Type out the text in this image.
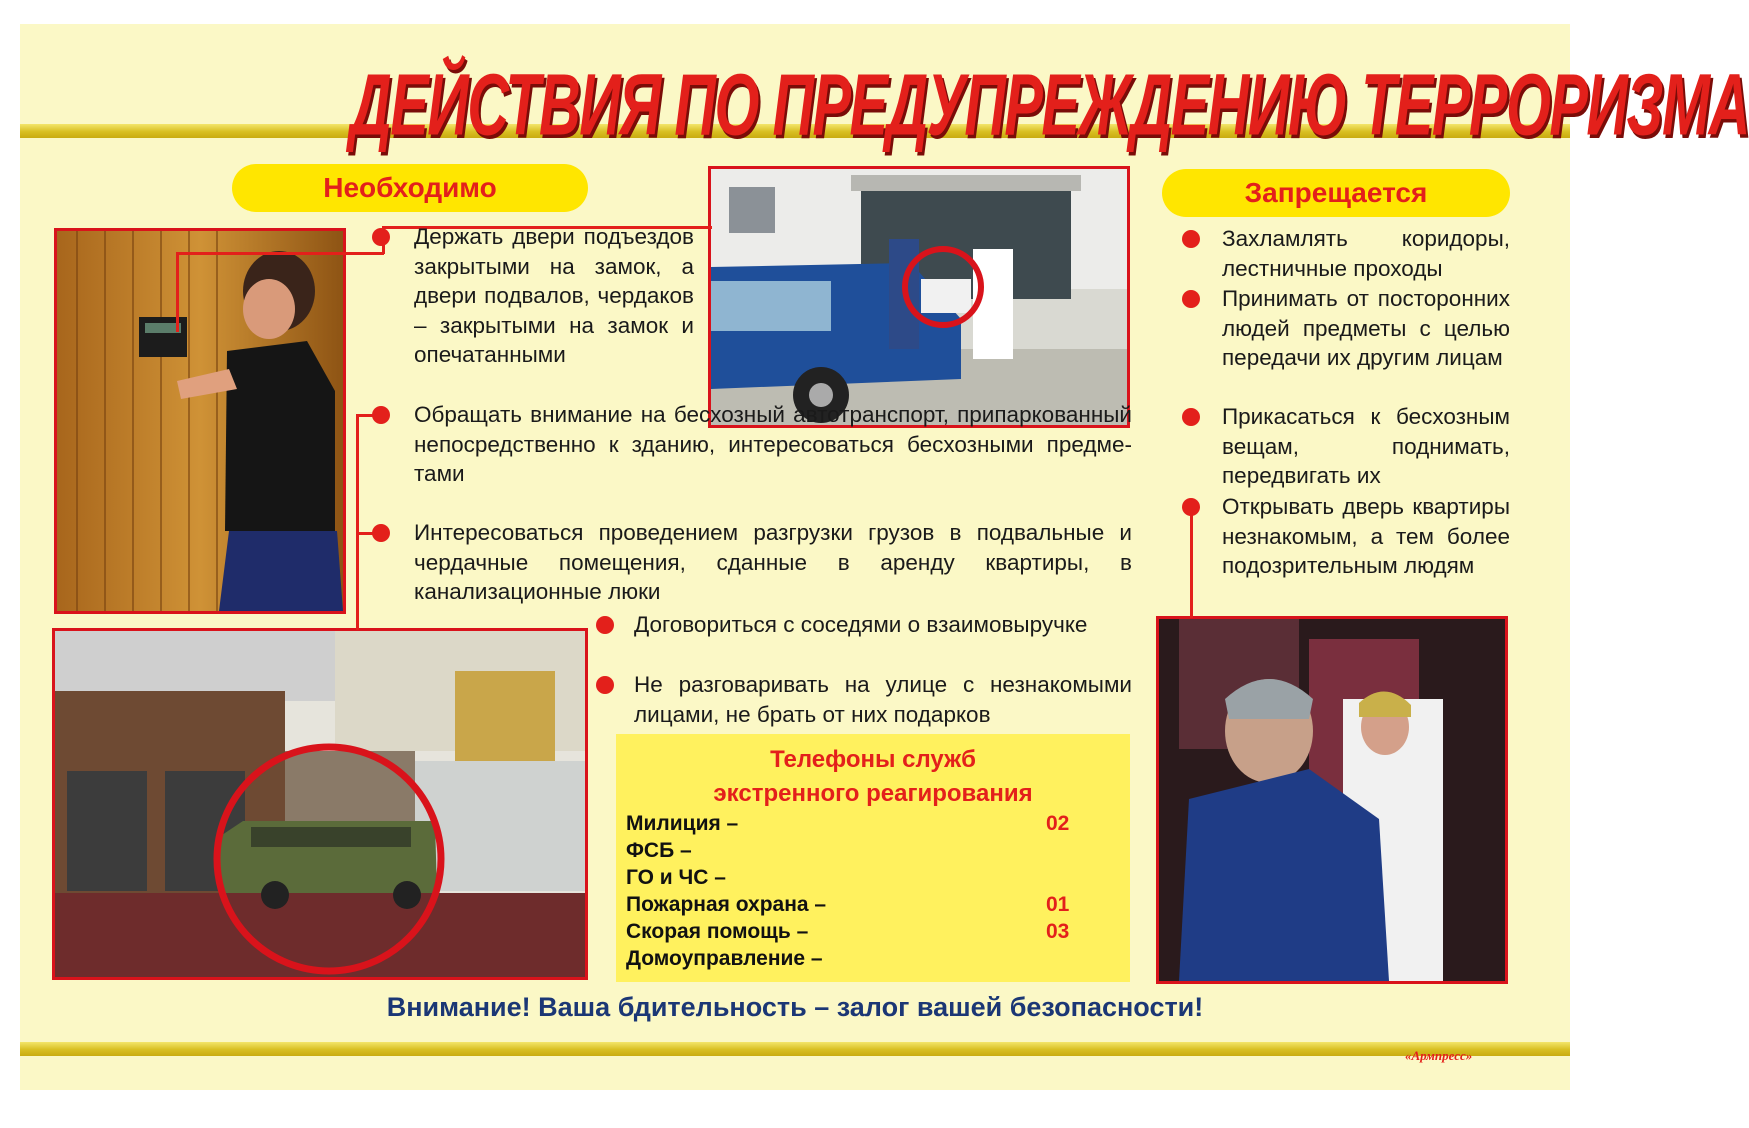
ДЕЙСТВИЯ ПО ПРЕДУПРЕЖДЕНИЮ ТЕРРОРИЗМА
Необходимо	Запрещается

Держать двери подъездов закрытыми на замок, а двери подвалов, чердаков – закрытыми на замок и опечатанными

Обращать внимание на бесхозный автотранспорт, припаркованный непосредственно к зданию, интересоваться бесхозными предметами

Интересоваться проведением разгрузки грузов в подвальные и чердачные помещения, сданные в аренду квартиры, в канализационные люки

Договориться с соседями о взаимовыручке

Не разговаривать на улице с незнакомыми лицами, не брать от них подарков

Захламлять коридоры, лестничные проходы

Принимать от посторонних людей предметы с целью передачи их другим лицам

Прикасаться к бесхозным вещам, поднимать, передвигать их

Открывать дверь квартиры незнакомым, а тем более подозрительным людям

Телефоны служб
экстренного реагирования
Милиция –	02
ФСБ –
ГО и ЧС –
Пожарная охрана –	01
Скорая помощь –	03
Домоуправление –
Внимание! Ваша бдительность – залог вашей безопасности!
«Армпресс»
